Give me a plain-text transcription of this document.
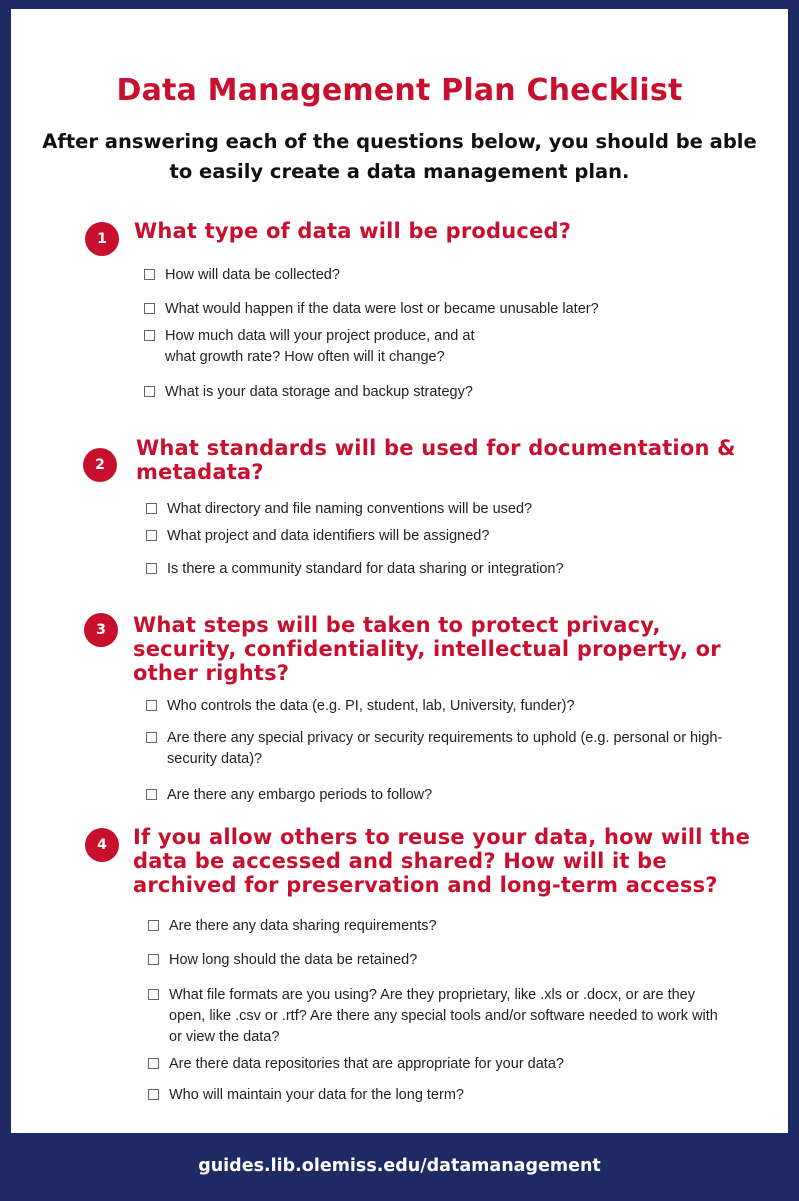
Data Management Plan Checklist

After answering each of the questions below, you should be able to easily create a data management plan.

1	What type of data will be produced?
How will data be collected?
What would happen if the data were lost or became unusable later?
How much data will your project produce, and at
what growth rate? How often will it change?
What is your data storage and backup strategy?
2
What standards will be used for documentation & metadata?
What directory and file naming conventions will be used?
What project and data identifiers will be assigned?
Is there a community standard for data sharing or integration?
3	What steps will be taken to protect privacy, security, confidentiality, intellectual property, or other rights?
Who controls the data (e.g. PI, student, lab, University, funder)?
Are there any special privacy or security requirements to uphold (e.g. personal or high-security data)?
Are there any embargo periods to follow?
4	If you allow others to reuse your data, how will the data be accessed and shared? How will it be archived for preservation and long-term access?
Are there any data sharing requirements?
How long should the data be retained?
What file formats are you using? Are they proprietary, like .xls or .docx, or are they open, like .csv or .rtf? Are there any special tools and/or software needed to work with or view the data?
Are there data repositories that are appropriate for your data?
Who will maintain your data for the long term?
guides.lib.olemiss.edu/datamanagement
